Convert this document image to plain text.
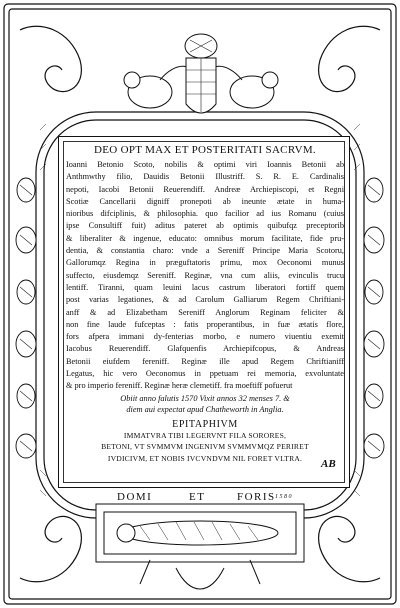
DEO OPT MAX ET POSTERITATI SACRVM.
Ioanni Betonio Scoto, nobilis & optimi viri Ioannis Betonii ab
Anthmwthy filio, Dauidis Betonii Illustriff. S. R. E. Cardinalis
nepoti, Iacobi Betonii Reuerendiff. Andreæ Archiepiscopi, et Regni
Scotiæ Cancellarii digniff pronepoti ab ineunte ætate in huma-
nioribus difciplinis, & philosophia. quo facilior ad ius Romanu (cuius
ipse Consultiff fuit) aditus pateret ab optimis quibufqz preceptorib
& liberaliter & ingenue, educato: omnibus morum facilitate, fide pru-
dentia, & constantia charo: vnde a Sereniff Principe Maria Scotoru,
Gallorumqz Regina in præguftatoris primu, mox Oeconomi munus
suffecto, eiusdemqz Sereniff. Reginæ, vna cum aliis, evinculis trucu
lentiff. Tiranni, quam leuini lacus castrum liberatori fortiff quem
post varias legationes, & ad Carolum Galliarum Regem Chriftiani-
anff & ad Elizabetham Sereniff Anglorum Reginam feliciter &
non fine laude fufceptas : fatis properantibus, in fuæ ætatis flore,
fors afpera immani dy-fenterias morbo, e numero viuentiu exemit
Iacobus Reuerendiff. Glafquenfis Archiepifcopus, & Andreas
Betonii eiufdem fereniff. Reginæ ille apud Regem Chriftianiff
Legatus, hic vero Oeconomus in ppetuam rei memoria, exvoluntate
& pro imperio fereniff. Reginæ heræ clemetiff. fra moeftiff pofuerut
Obiit anno falutis 1570 Vixit annos 32 menses 7. &
diem aui expectat apud Chatheworth in Anglia.
EPITAPHIVM
IMMATVRA TIBI LEGERVNT FILA SORORES,
BETONI, VT SVMMVM INGENIVM SVMMVMQZ PERIRET
IVDICIVM, ET NOBIS IVCVNDVM NIL FORET VLTRA.	AB
DOMI	ET	FORIS 1 5 8 0
